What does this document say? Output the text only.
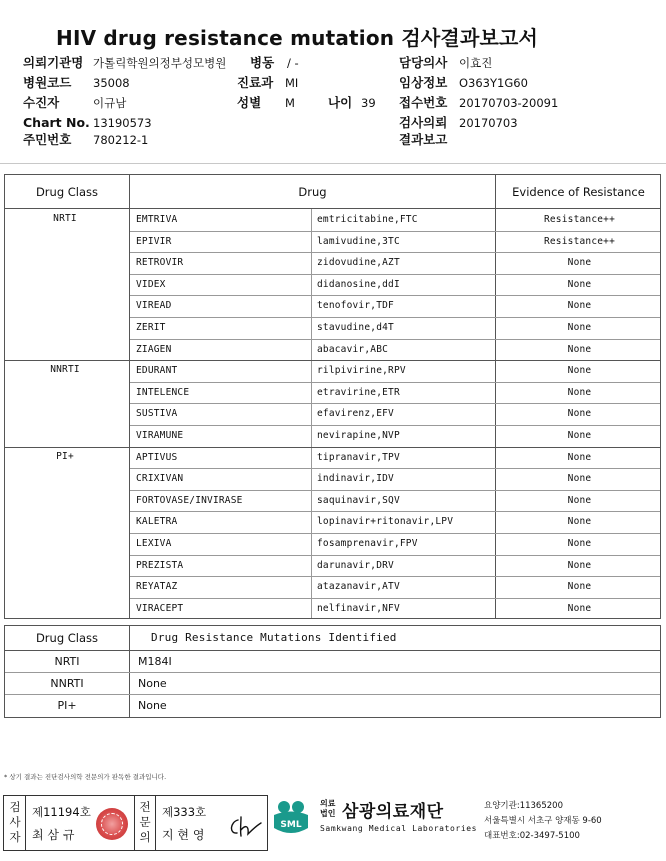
HIV drug resistance mutation 검사결과보고서
의뢰기관명 가톨릭학원의정부성모병원 병동 / -	담당의사 이효진
병원코드 35008	진료과 MI	임상정보 O363Y1G60
수진자	이규남	성별 M	나이 39 접수번호 20170703-20091
Chart No. 13190573	검사의뢰 20170703
주민번호 780212-1	결과보고
Drug Class	Drug	Evidence of Resistance
NRTI	EMTRIVA	emtricitabine,FTC	Resistance++
EPIVIR	lamivudine,3TC	Resistance++
RETROVIR	zidovudine,AZT	None
VIDEX	didanosine,ddI	None
VIREAD	tenofovir,TDF	None
ZERIT	stavudine,d4T	None
ZIAGEN	abacavir,ABC	None
NNRTI	EDURANT	rilpivirine,RPV	None
INTELENCE	etravirine,ETR	None
SUSTIVA	efavirenz,EFV	None
VIRAMUNE	nevirapine,NVP	None
PI+	APTIVUS	tipranavir,TPV	None
CRIXIVAN	indinavir,IDV	None
FORTOVASE/INVIRASE	saquinavir,SQV	None
KALETRA	lopinavir+ritonavir,LPV	None
LEXIVA	fosamprenavir,FPV	None
PREZISTA	darunavir,DRV	None
REYATAZ	atazanavir,ATV	None
VIRACEPT	nelfinavir,NFV	None
Drug Class	Drug Resistance Mutations Identified
NRTI	M184I
NNRTI	None
PI+	None
* 상기 결과는 진단검사의학 전문의가 판독한 결과입니다.
검
사
자
제11194호
최 삼 규
전
문
의
제333호
지 현 영
SML
의료
법인 삼광의료재단
Samkwang Medical Laboratories
요양기관:11365200
서울특별시 서초구 양재동 9-60
대표번호:02-3497-5100
